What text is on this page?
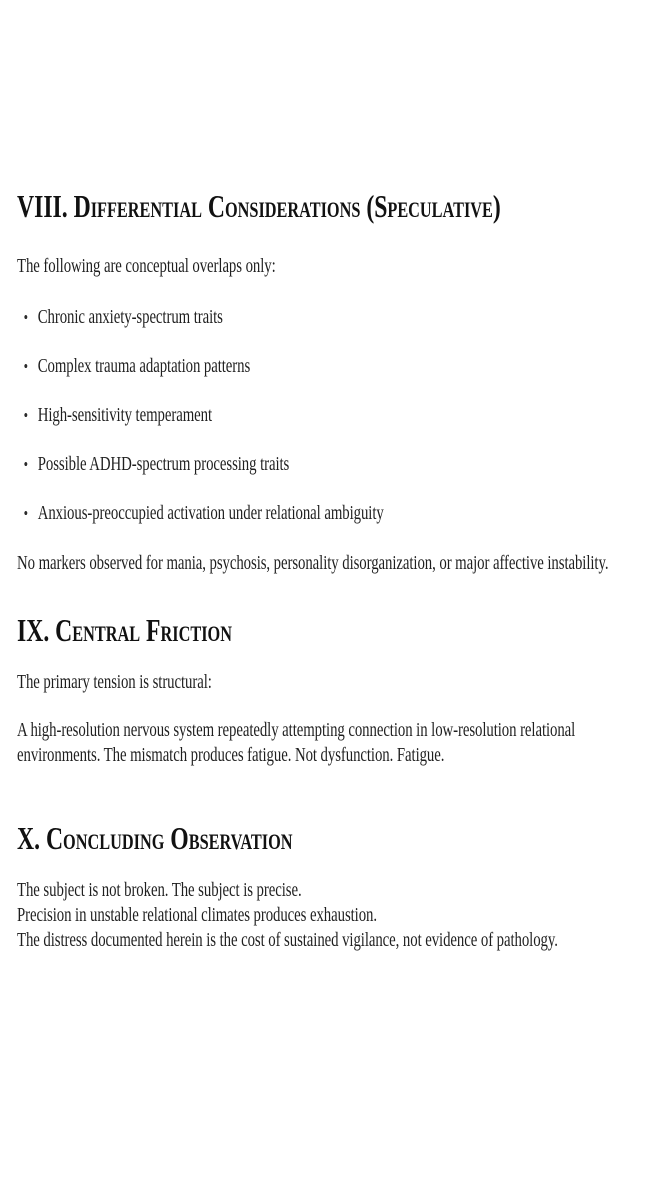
VIII. Differential Considerations (Speculative)

The following are conceptual overlaps only:

• Chronic anxiety-spectrum traits
• Complex trauma adaptation patterns
• High-sensitivity temperament
• Possible ADHD-spectrum processing traits
• Anxious-preoccupied activation under relational ambiguity

No markers observed for mania, psychosis, personality disorganization, or major affective instability.

IX. Central Friction

The primary tension is structural:

A high-resolution nervous system repeatedly attempting connection in low-resolution relational environments. The mismatch produces fatigue. Not dysfunction. Fatigue.

X. Concluding Observation

The subject is not broken. The subject is precise.
Precision in unstable relational climates produces exhaustion.
The distress documented herein is the cost of sustained vigilance, not evidence of pathology.
